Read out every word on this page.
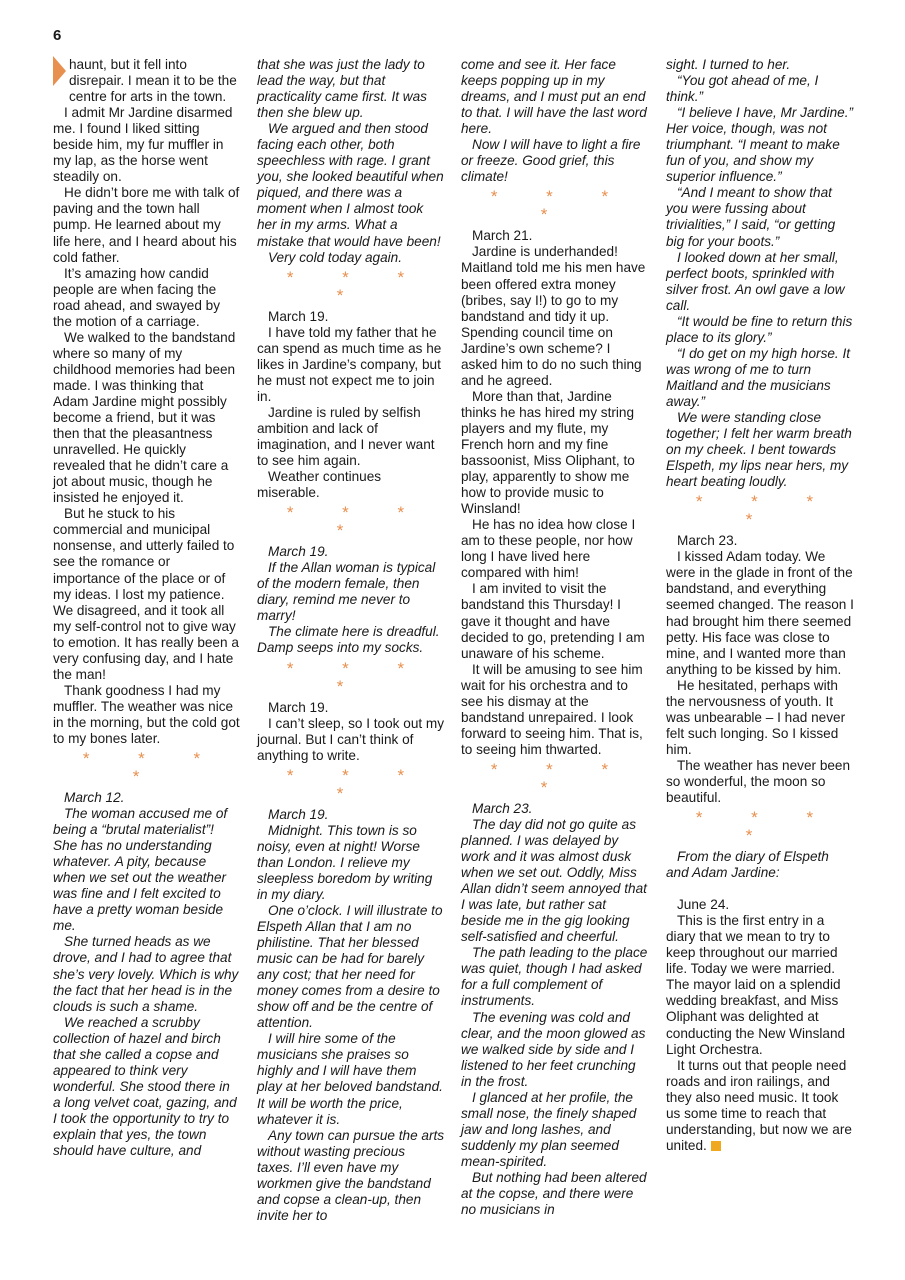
6

haunt, but it fell into disrepair. I mean it to be the centre for arts in the town.

I admit Mr Jardine disarmed me. I found I liked sitting beside him, my fur muffler in my lap, as the horse went steadily on.

He didn’t bore me with talk of paving and the town hall pump. He learned about my life here, and I heard about his cold father.

It’s amazing how candid people are when facing the road ahead, and swayed by the motion of a carriage.

We walked to the bandstand where so many of my childhood memories had been made. I was thinking that Adam Jardine might possibly become a friend, but it was then that the pleasantness unravelled. He quickly revealed that he didn’t care a jot about music, though he insisted he enjoyed it.

But he stuck to his commercial and municipal nonsense, and utterly failed to see the romance or importance of the place or of my ideas. I lost my patience. We disagreed, and it took all my self-control not to give way to emotion. It has really been a very confusing day, and I hate the man!

Thank goodness I had my muffler. The weather was nice in the morning, but the cold got to my bones later.

* * * *

March 12.

The woman accused me of being a “brutal materialist”! She has no understanding whatever. A pity, because when we set out the weather was fine and I felt excited to have a pretty woman beside me.

She turned heads as we drove, and I had to agree that she’s very lovely. Which is why the fact that her head is in the clouds is such a shame.

We reached a scrubby collection of hazel and birch that she called a copse and appeared to think very wonderful. She stood there in a long velvet coat, gazing, and I took the opportunity to try to explain that yes, the town should have culture, and

that she was just the lady to lead the way, but that practicality came first. It was then she blew up.

We argued and then stood facing each other, both speechless with rage. I grant you, she looked beautiful when piqued, and there was a moment when I almost took her in my arms. What a mistake that would have been!

Very cold today again.

* * * *

March 19.

I have told my father that he can spend as much time as he likes in Jardine’s company, but he must not expect me to join in.

Jardine is ruled by selfish ambition and lack of imagination, and I never want to see him again.

Weather continues miserable.

* * * *

March 19.

If the Allan woman is typical of the modern female, then diary, remind me never to marry!

The climate here is dreadful. Damp seeps into my socks.

* * * *

March 19.

I can’t sleep, so I took out my journal. But I can’t think of anything to write.

* * * *

March 19.

Midnight. This town is so noisy, even at night! Worse than London. I relieve my sleepless boredom by writing in my diary.

One o’clock. I will illustrate to Elspeth Allan that I am no philistine. That her blessed music can be had for barely any cost; that her need for money comes from a desire to show off and be the centre of attention.

I will hire some of the musicians she praises so highly and I will have them play at her beloved bandstand. It will be worth the price, whatever it is.

Any town can pursue the arts without wasting precious taxes. I’ll even have my workmen give the bandstand and copse a clean-up, then invite her to

come and see it. Her face keeps popping up in my dreams, and I must put an end to that. I will have the last word here.

Now I will have to light a fire or freeze. Good grief, this climate!

* * * *

March 21.

Jardine is underhanded! Maitland told me his men have been offered extra money (bribes, say I!) to go to my bandstand and tidy it up. Spending council time on Jardine’s own scheme? I asked him to do no such thing and he agreed.

More than that, Jardine thinks he has hired my string players and my flute, my French horn and my fine bassoonist, Miss Oliphant, to play, apparently to show me how to provide music to Winsland!

He has no idea how close I am to these people, nor how long I have lived here compared with him!

I am invited to visit the bandstand this Thursday! I gave it thought and have decided to go, pretending I am unaware of his scheme.

It will be amusing to see him wait for his orchestra and to see his dismay at the bandstand unrepaired. I look forward to seeing him. That is, to seeing him thwarted.

* * * *

March 23.

The day did not go quite as planned. I was delayed by work and it was almost dusk when we set out. Oddly, Miss Allan didn’t seem annoyed that I was late, but rather sat beside me in the gig looking self-satisfied and cheerful.

The path leading to the place was quiet, though I had asked for a full complement of instruments.

The evening was cold and clear, and the moon glowed as we walked side by side and I listened to her feet crunching in the frost.

I glanced at her profile, the small nose, the finely shaped jaw and long lashes, and suddenly my plan seemed mean-spirited.

But nothing had been altered at the copse, and there were no musicians in

sight. I turned to her.

“You got ahead of me, I think.”

“I believe I have, Mr Jardine.” Her voice, though, was not triumphant. “I meant to make fun of you, and show my superior influence.”

“And I meant to show that you were fussing about trivialities,” I said, “or getting big for your boots.”

I looked down at her small, perfect boots, sprinkled with silver frost. An owl gave a low call.

“It would be fine to return this place to its glory.”

“I do get on my high horse. It was wrong of me to turn Maitland and the musicians away.”

We were standing close together; I felt her warm breath on my cheek. I bent towards Elspeth, my lips near hers, my heart beating loudly.

* * * *

March 23.

I kissed Adam today. We were in the glade in front of the bandstand, and everything seemed changed. The reason I had brought him there seemed petty. His face was close to mine, and I wanted more than anything to be kissed by him.

He hesitated, perhaps with the nervousness of youth. It was unbearable – I had never felt such longing. So I kissed him.

The weather has never been so wonderful, the moon so beautiful.

* * * *

From the diary of Elspeth and Adam Jardine:

June 24.

This is the first entry in a diary that we mean to try to keep throughout our married life. Today we were married. The mayor laid on a splendid wedding breakfast, and Miss Oliphant was delighted at conducting the New Winsland Light Orchestra.

It turns out that people need roads and iron railings, and they also need music. It took us some time to reach that understanding, but now we are united.
